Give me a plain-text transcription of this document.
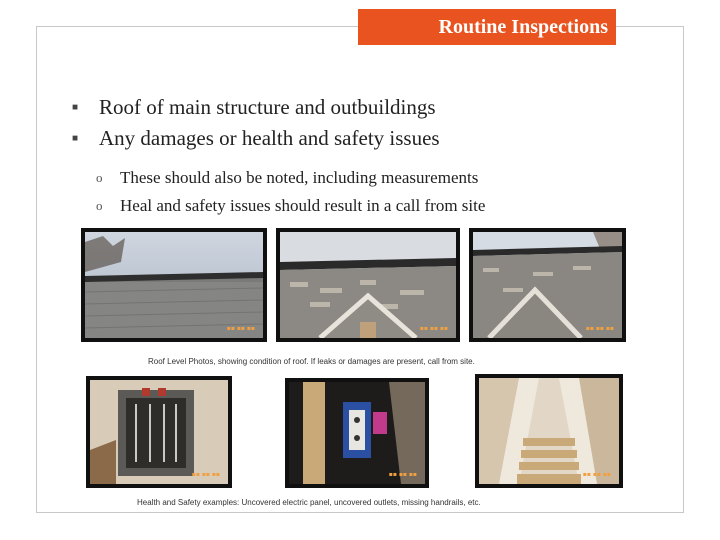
Routine Inspections
■ Roof of main structure and outbuildings
■ Any damages or health and safety issues
o These should also be noted, including measurements
o Heal and safety issues should result in a call from site
▪▪ ▪▪ ▪▪	▪▪ ▪▪ ▪▪	▪▪ ▪▪ ▪▪
Roof Level Photos, showing condition of roof. If leaks or damages are present, call from site.
▪▪ ▪▪ ▪▪	▪▪ ▪▪ ▪▪	▪▪ ▪▪ ▪▪
Health and Safety examples: Uncovered electric panel, uncovered outlets, missing handrails, etc.
